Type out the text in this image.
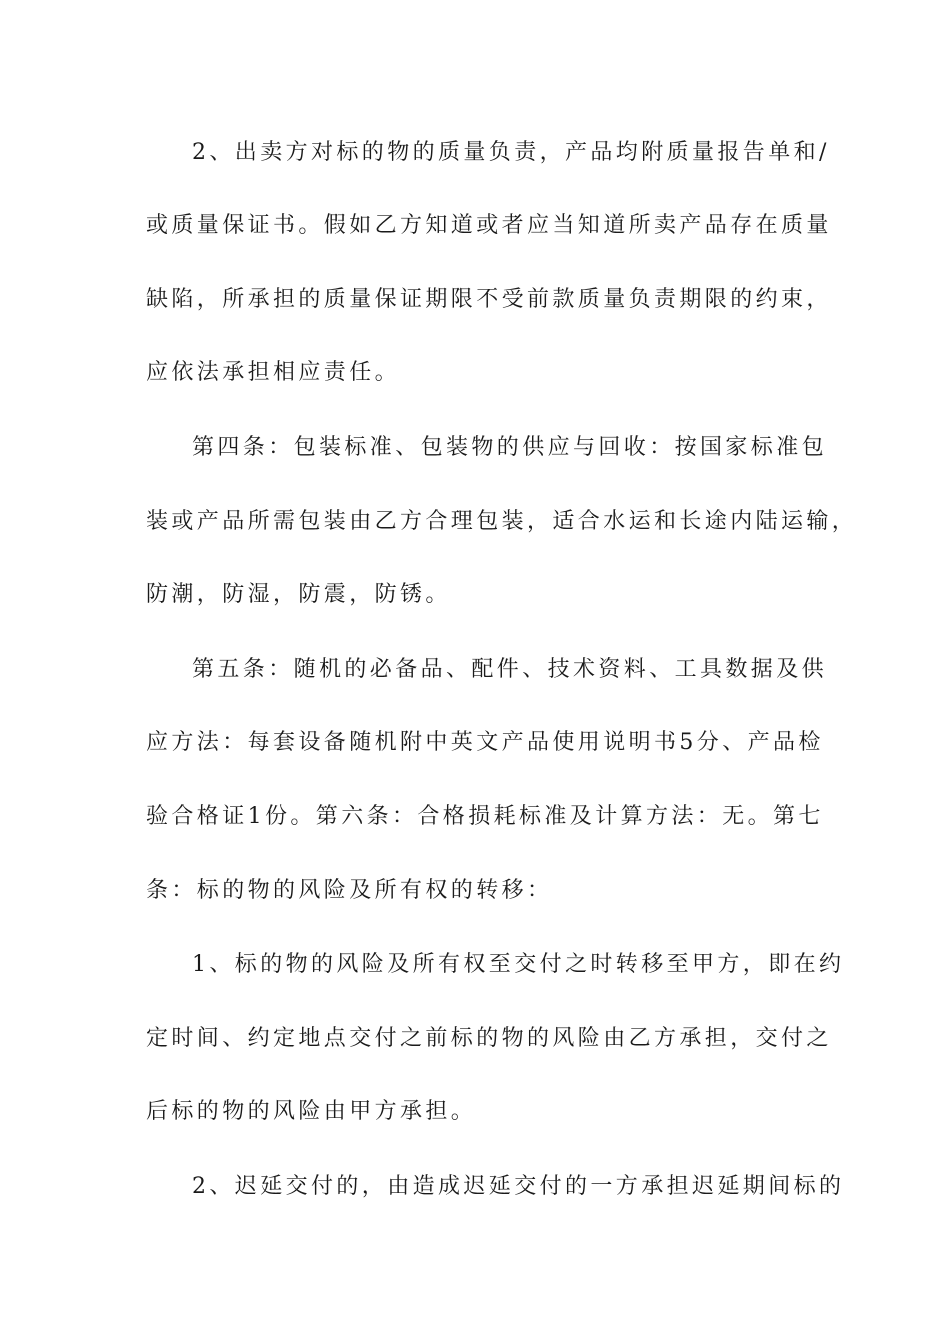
2、出卖方对标的物的质量负责，产品均附质量报告单和/
或质量保证书。假如乙方知道或者应当知道所卖产品存在质量
缺陷，所承担的质量保证期限不受前款质量负责期限的约束，
应依法承担相应责任。
第四条：包装标准、包装物的供应与回收：按国家标准包
装或产品所需包装由乙方合理包装，适合水运和长途内陆运输，
防潮，防湿，防震，防锈。
第五条：随机的必备品、配件、技术资料、工具数据及供
应方法：每套设备随机附中英文产品使用说明书5分、产品检
验合格证1份。第六条：合格损耗标准及计算方法：无。第七
条：标的物的风险及所有权的转移：
1、标的物的风险及所有权至交付之时转移至甲方，即在约
定时间、约定地点交付之前标的物的风险由乙方承担，交付之
后标的物的风险由甲方承担。
2、迟延交付的，由造成迟延交付的一方承担迟延期间标的
